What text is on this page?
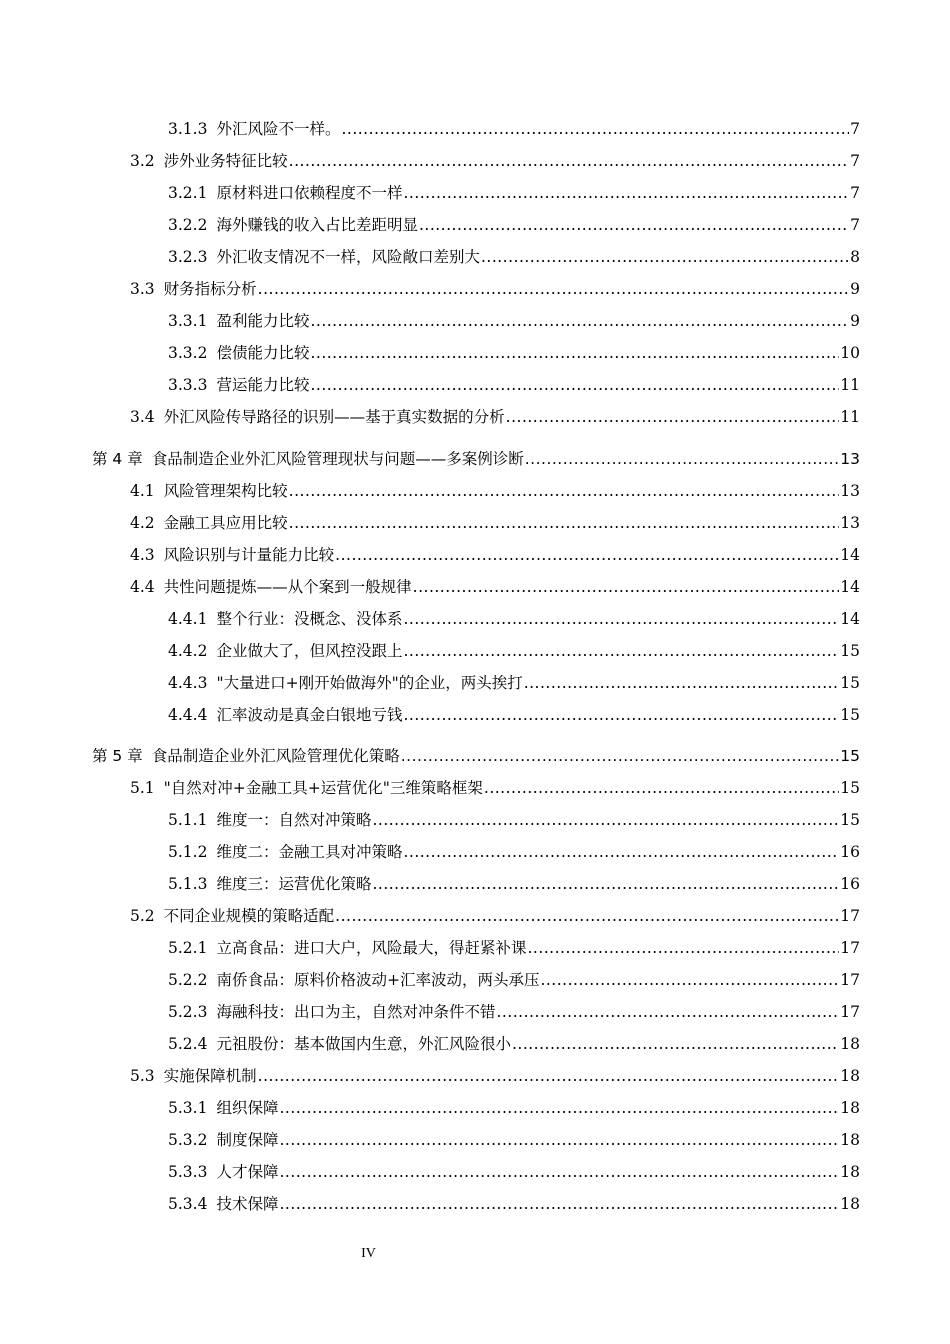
3.1.3 外汇风险不一样。 .....	7
3.2 涉外业务特征比较 .....	7
3.2.1 原材料进口依赖程度不一样 .....	7
3.2.2 海外赚钱的收入占比差距明显 .....	7
3.2.3 外汇收支情况不一样，风险敞口差别大 .....	8
3.3 财务指标分析 .....	9
3.3.1 盈利能力比较 .....	9
3.3.2 偿债能力比较 .....	10
3.3.3 营运能力比较 .....	11
3.4 外汇风险传导路径的识别——基于真实数据的分析 .....	11
第 4 章 食品制造企业外汇风险管理现状与问题——多案例诊断 .....	13
4.1 风险管理架构比较 .....	13
4.2 金融工具应用比较 .....	13
4.3 风险识别与计量能力比较 .....	14
4.4 共性问题提炼——从个案到一般规律 .....	14
4.4.1 整个行业：没概念、没体系 .....	14
4.4.2 企业做大了，但风控没跟上 .....	15
4.4.3 "大量进口+刚开始做海外"的企业，两头挨打 .....	15
4.4.4 汇率波动是真金白银地亏钱 .....	15
第 5 章 食品制造企业外汇风险管理优化策略 .....	15
5.1 "自然对冲+金融工具+运营优化"三维策略框架 .....	15
5.1.1 维度一：自然对冲策略 .....	15
5.1.2 维度二：金融工具对冲策略 .....	16
5.1.3 维度三：运营优化策略 .....	16
5.2 不同企业规模的策略适配 .....	17
5.2.1 立高食品：进口大户，风险最大，得赶紧补课 .....	17
5.2.2 南侨食品：原料价格波动+汇率波动，两头承压 .....	17
5.2.3 海融科技：出口为主，自然对冲条件不错 .....	17
5.2.4 元祖股份：基本做国内生意，外汇风险很小 .....	18
5.3 实施保障机制 .....	18
5.3.1 组织保障 .....	18
5.3.2 制度保障 .....	18
5.3.3 人才保障 .....	18
5.3.4 技术保障 .....	18
IV
